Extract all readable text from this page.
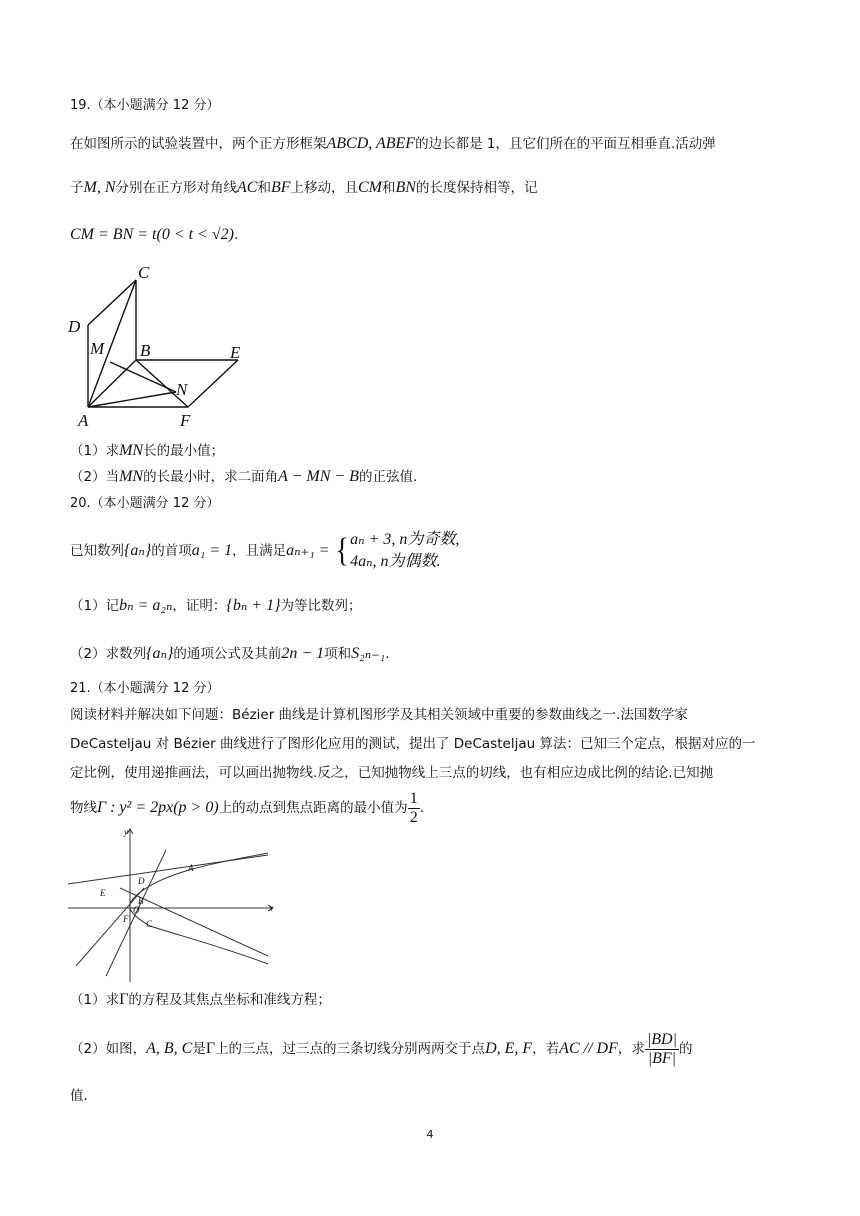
19.（本小题满分 12 分）
在如图所示的试验装置中，两个正方形框架ABCD, ABEF的边长都是 1，且它们所在的平面互相垂直.活动弹
子M, N分别在正方形对角线AC和BF上移动，且CM和BN的长度保持相等，记
CM = BN = t(0 < t < √2).
C
D
M B	E
N
A	F
（1）求MN长的最小值；
（2）当MN的长最小时，求二面角A − MN − B的正弦值.
20.（本小题满分 12 分）
已知数列{aₙ}的首项a₁ = 1，且满足aₙ₊₁ = { aₙ + 3, n为奇数,
4aₙ, n为偶数.
（1）记bₙ = a₂ₙ，证明：{bₙ + 1}为等比数列；
（2）求数列{aₙ}的通项公式及其前2n − 1项和S₂ₙ₋₁.
21.（本小题满分 12 分）
阅读材料并解决如下问题：Bézier 曲线是计算机图形学及其相关领域中重要的参数曲线之一.法国数学家
DeCasteljau 对 Bézier 曲线进行了图形化应用的测试，提出了 DeCasteljau 算法：已知三个定点，根据对应的一
定比例，使用递推画法，可以画出抛物线.反之，已知抛物线上三点的切线，也有相应边成比例的结论.已知抛
物线Γ : y² = 2px(p > 0)上的动点到焦点距离的最小值为 $\frac{1}{2}$ .
y
x
A
D
E
B
O
F C
（1）求Γ的方程及其焦点坐标和准线方程；
（2）如图，A, B, C是Γ上的三点，过三点的三条切线分别两两交于点D, E, F，若AC // DF，求 $\frac{|BD|}{|BF|}$ 的
值.
4
